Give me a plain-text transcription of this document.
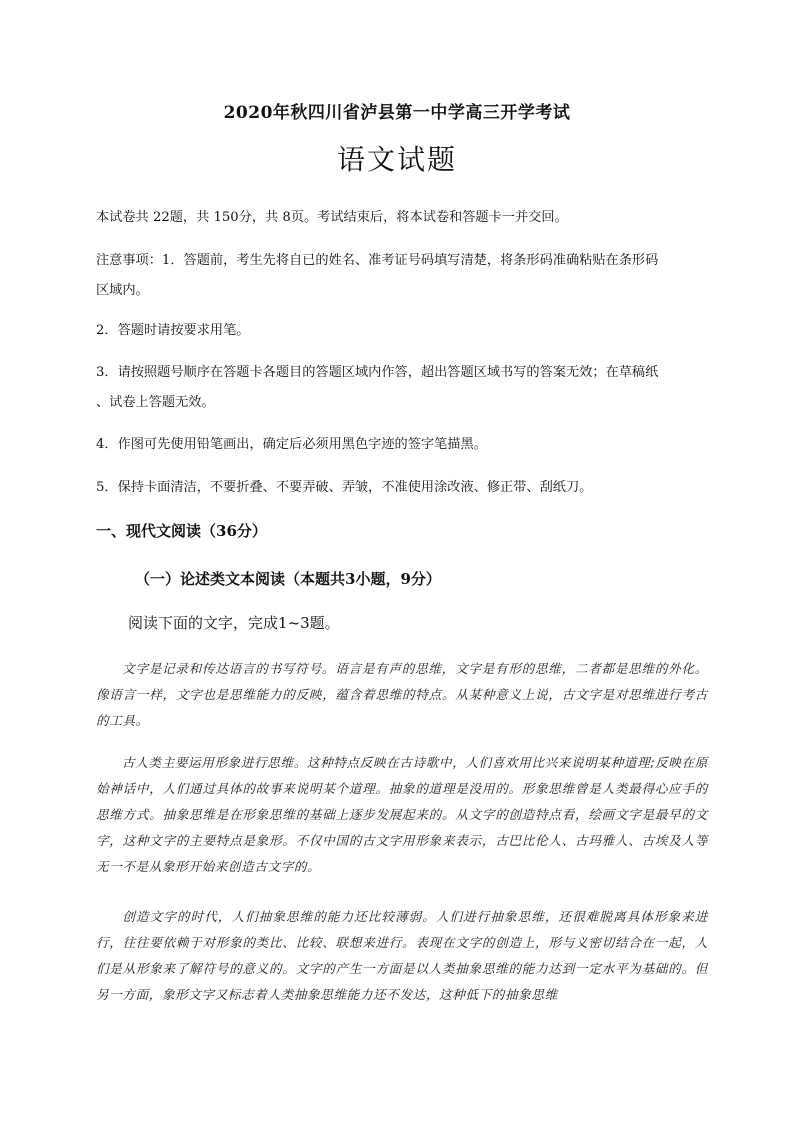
2020年秋四川省泸县第一中学高三开学考试
语文试题
本试卷共 22题，共 150分，共 8页。考试结束后，将本试卷和答题卡一并交回。
注意事项：1．答题前，考生先将自已的姓名、准考证号码填写清楚，将条形码准确粘贴在条形码
区域内。
2．答题时请按要求用笔。
3．请按照题号顺序在答题卡各题目的答题区域内作答，超出答题区域书写的答案无效；在草稿纸
、试卷上答题无效。
4．作图可先使用铅笔画出，确定后必须用黑色字迹的签字笔描黑。
5．保持卡面清洁，不要折叠、不要弄破、弄皱，不准使用涂改液、修正带、刮纸刀。
一、现代文阅读（36分）
（一）论述类文本阅读（本题共3小题，9分）
阅读下面的文字，完成1~3题。
文字是记录和传达语言的书写符号。语言是有声的思维，文字是有形的思维，二者都是思维的外化。像语言一样，文字也是思维能力的反映，蕴含着思维的特点。从某种意义上说，古文字是对思维进行考古的工具。
古人类主要运用形象进行思维。这种特点反映在古诗歌中，人们喜欢用比兴来说明某种道理;反映在原始神话中，人们通过具体的故事来说明某个道理。抽象的道理是没用的。形象思维曾是人类最得心应手的思维方式。抽象思维是在形象思维的基础上逐步发展起来的。从文字的创造特点看，绘画文字是最早的文字，这种文字的主要特点是象形。不仅中国的古文字用形象来表示，古巴比伦人、古玛雅人、古埃及人等无一不是从象形开始来创造古文字的。
创造文字的时代，人们抽象思维的能力还比较薄弱。人们进行抽象思维，还很难脱离具体形象来进行，往往要依赖于对形象的类比、比较、联想来进行。表现在文字的创造上，形与义密切结合在一起，人们是从形象来了解符号的意义的。文字的产生一方面是以人类抽象思维的能力达到一定水平为基础的。但另一方面，象形文字又标志着人类抽象思维能力还不发达，这种低下的抽象思维
